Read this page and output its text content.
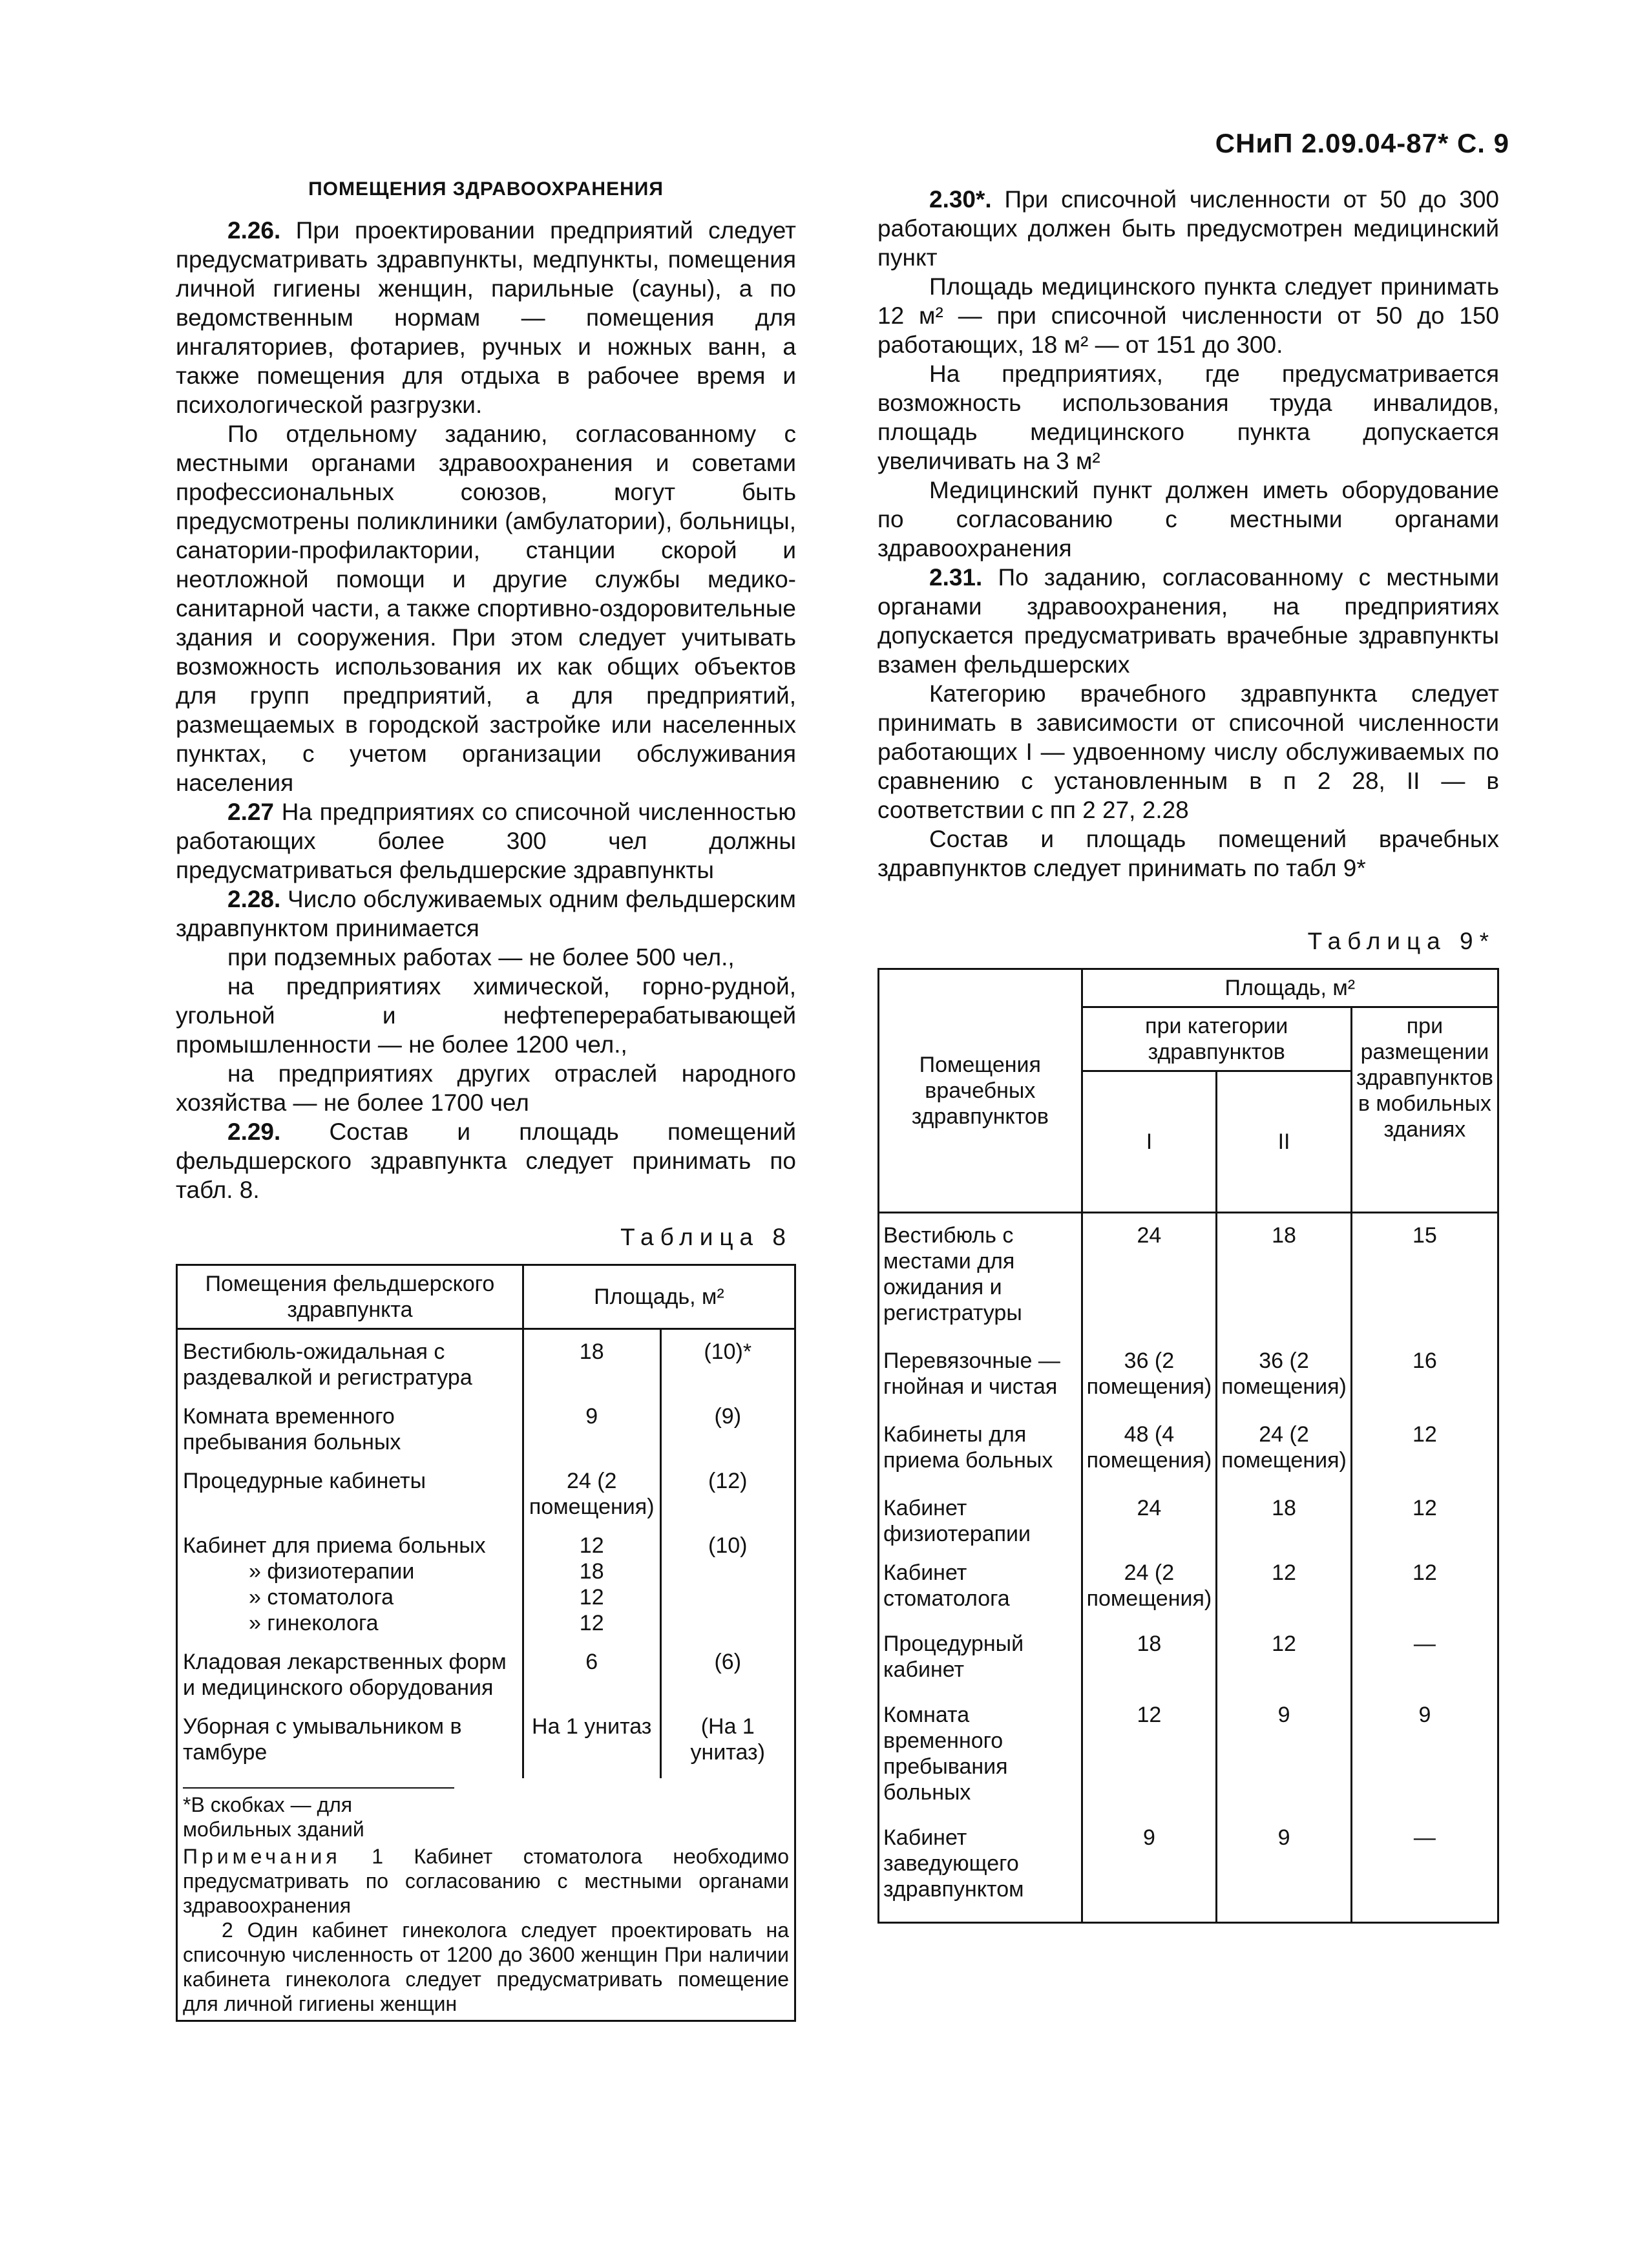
СНиП 2.09.04-87* С. 9
ПОМЕЩЕНИЯ ЗДРАВООХРАНЕНИЯ

2.26. При проектировании предприятий следует предусматривать здравпункты, медпункты, помещения личной гигиены женщин, парильные (сауны), а по ведомственным нормам — помещения для ингаляториев, фотариев, ручных и ножных ванн, а также помещения для отдыха в рабочее время и психологической разгрузки.

По отдельному заданию, согласованному с местными органами здравоохранения и советами профессиональных союзов, могут быть предусмотрены поликлиники (амбулатории), больницы, санатории-профилактории, станции скорой и неотложной помощи и другие службы медико-санитарной части, а также спортивно-оздоровительные здания и сооружения. При этом следует учитывать возможность использования их как общих объектов для групп предприятий, а для предприятий, размещаемых в городской застройке или населенных пунктах, с учетом организации обслуживания населения

2.27 На предприятиях со списочной численностью работающих более 300 чел должны предусматриваться фельдшерские здравпункты

2.28. Число обслуживаемых одним фельдшерским здравпунктом принимается

при подземных работах — не более 500 чел.,

на предприятиях химической, горно-рудной, угольной и нефтеперерабатывающей промышленности — не более 1200 чел.,

на предприятиях других отраслей народного хозяйства — не более 1700 чел

2.29. Состав и площадь помещений фельдшерского здравпункта следует принимать по табл. 8.

Таблица 8
Помещения фельдшерского здравпункта	Площадь, м²	
Вестибюль-ожидальная с раздевалкой и регистратура	18	(10)*
Комната временного пребывания больных	9	(9)
Процедурные кабинеты	24 (2 помещения)	(12)
Кабинет для приема больных	12	(10)
» физиотерапии	18	
» стоматолога	12	
» гинеколога	12	
Кладовая лекарственных форм и медицинского оборудования	6	(6)
Уборная с умывальником в тамбуре	На 1 унитаз	(На 1 унитаз)

*В скобках — для мобильных зданий

Примечания 1 Кабинет стоматолога необходимо предусматривать по согласованию с местными органами здравоохранения

2 Один кабинет гинеколога следует проектировать на списочную численность от 1200 до 3600 женщин При наличии кабинета гинеколога следует предусматривать помещение для личной гигиены женщин		

2.30*. При списочной численности от 50 до 300 работающих должен быть предусмотрен медицинский пункт

Площадь медицинского пункта следует принимать 12 м² — при списочной численности от 50 до 150 работающих, 18 м² — от 151 до 300.

На предприятиях, где предусматривается возможность использования труда инвалидов, площадь медицинского пункта допускается увеличивать на 3 м²

Медицинский пункт должен иметь оборудование по согласованию с местными органами здравоохранения

2.31. По заданию, согласованному с местными органами здравоохранения, на предприятиях допускается предусматривать врачебные здравпункты взамен фельдшерских

Категорию врачебного здравпункта следует принимать в зависимости от списочной численности работающих I — удвоенному числу обслуживаемых по сравнению с установленным в п 2 28, II — в соответствии с пп 2 27, 2.28

Состав и площадь помещений врачебных здравпунктов следует принимать по табл 9*

Таблица 9*
Помещения врачебных здравпунктов	Площадь, м²		
	при категории здравпунктов		при размещении здравпунктов в мобильных зданиях
	I	II	
Вестибюль с местами для ожидания и регистратуры	24	18	15
Перевязочные — гнойная и чистая	36 (2 помещения)	36 (2 помещения)	16
Кабинеты для приема больных	48 (4 помещения)	24 (2 помещения)	12
Кабинет физиотерапии	24	18	12
Кабинет стоматолога	24 (2 помещения)	12	12
Процедурный кабинет	18	12	—
Комната временного пребывания больных	12	9	9
Кабинет заведующего здравпунктом	9	9	—
